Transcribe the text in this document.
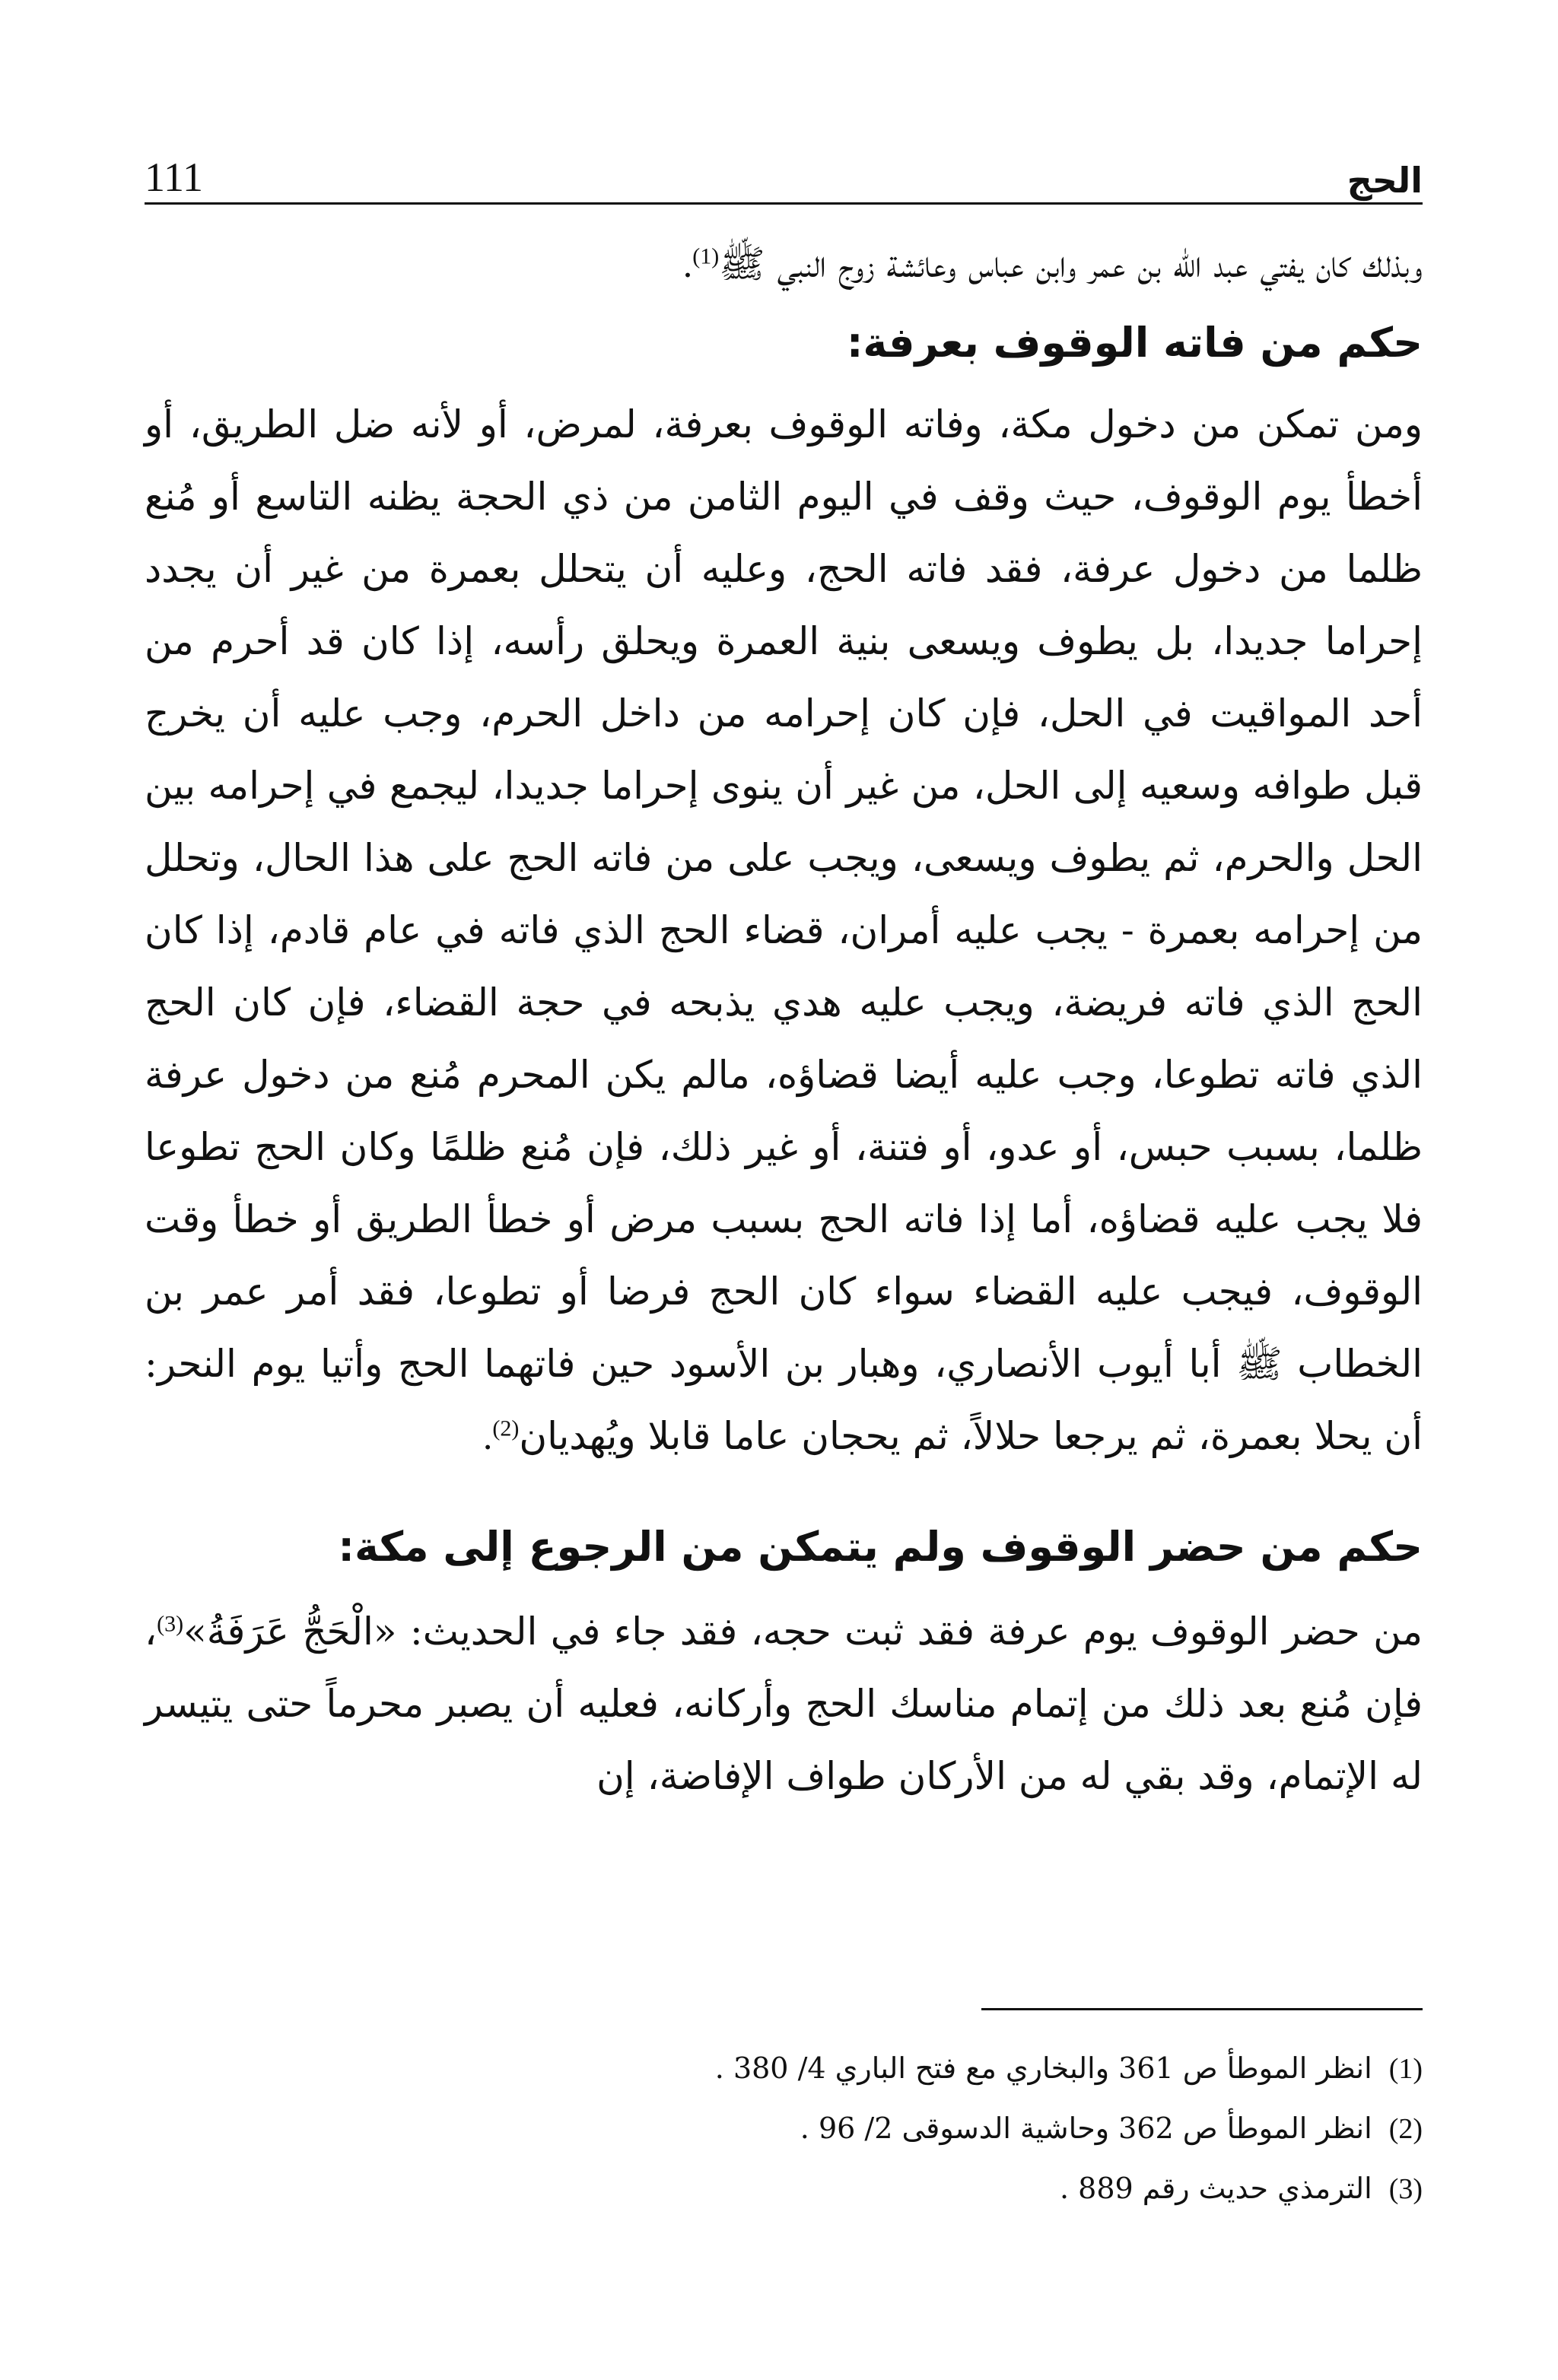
111	الحج

وبذلك كان يفتي عبد الله بن عمر وابن عباس وعائشة زوج النبي ﷺ$^{(1)}$.

حكم من فاته الوقوف بعرفة:

ومن تمكن من دخول مكة، وفاته الوقوف بعرفة، لمرض، أو لأنه ضل الطريق، أو أخطأ يوم الوقوف، حيث وقف في اليوم الثامن من ذي الحجة يظنه التاسع أو مُنع ظلما من دخول عرفة، فقد فاته الحج، وعليه أن يتحلل بعمرة من غير أن يجدد إحراما جديدا، بل يطوف ويسعى بنية العمرة ويحلق رأسه، إذا كان قد أحرم من أحد المواقيت في الحل، فإن كان إحرامه من داخل الحرم، وجب عليه أن يخرج قبل طوافه وسعيه إلى الحل، من غير أن ينوى إحراما جديدا، ليجمع في إحرامه بين الحل والحرم، ثم يطوف ويسعى، ويجب على من فاته الحج على هذا الحال، وتحلل من إحرامه بعمرة - يجب عليه أمران، قضاء الحج الذي فاته في عام قادم، إذا كان الحج الذي فاته فريضة، ويجب عليه هدي يذبحه في حجة القضاء، فإن كان الحج الذي فاته تطوعا، وجب عليه أيضا قضاؤه، مالم يكن المحرم مُنع من دخول عرفة ظلما، بسبب حبس، أو عدو، أو فتنة، أو غير ذلك، فإن مُنع ظلمًا وكان الحج تطوعا فلا يجب عليه قضاؤه، أما إذا فاته الحج بسبب مرض أو خطأ الطريق أو خطأ وقت الوقوف، فيجب عليه القضاء سواء كان الحج فرضا أو تطوعا، فقد أمر عمر بن الخطاب ﷺ أبا أيوب الأنصاري، وهبار بن الأسود حين فاتهما الحج وأتيا يوم النحر: أن يحلا بعمرة، ثم يرجعا حلالاً، ثم يحجان عاما قابلا ويُهديان$^{(2)}$.

حكم من حضر الوقوف ولم يتمكن من الرجوع إلى مكة:

من حضر الوقوف يوم عرفة فقد ثبت حجه، فقد جاء في الحديث: «الْحَجُّ عَرَفَةُ»$^{(3)}$، فإن مُنع بعد ذلك من إتمام مناسك الحج وأركانه، فعليه أن يصبر محرماً حتى يتيسر له الإتمام، وقد بقي له من الأركان طواف الإفاضة، إن

(1)انظر الموطأ ص 361 والبخاري مع فتح الباري 4/ 380 .

(2)انظر الموطأ ص 362 وحاشية الدسوقى 2/ 96 .

(3)الترمذي حديث رقم 889 .
